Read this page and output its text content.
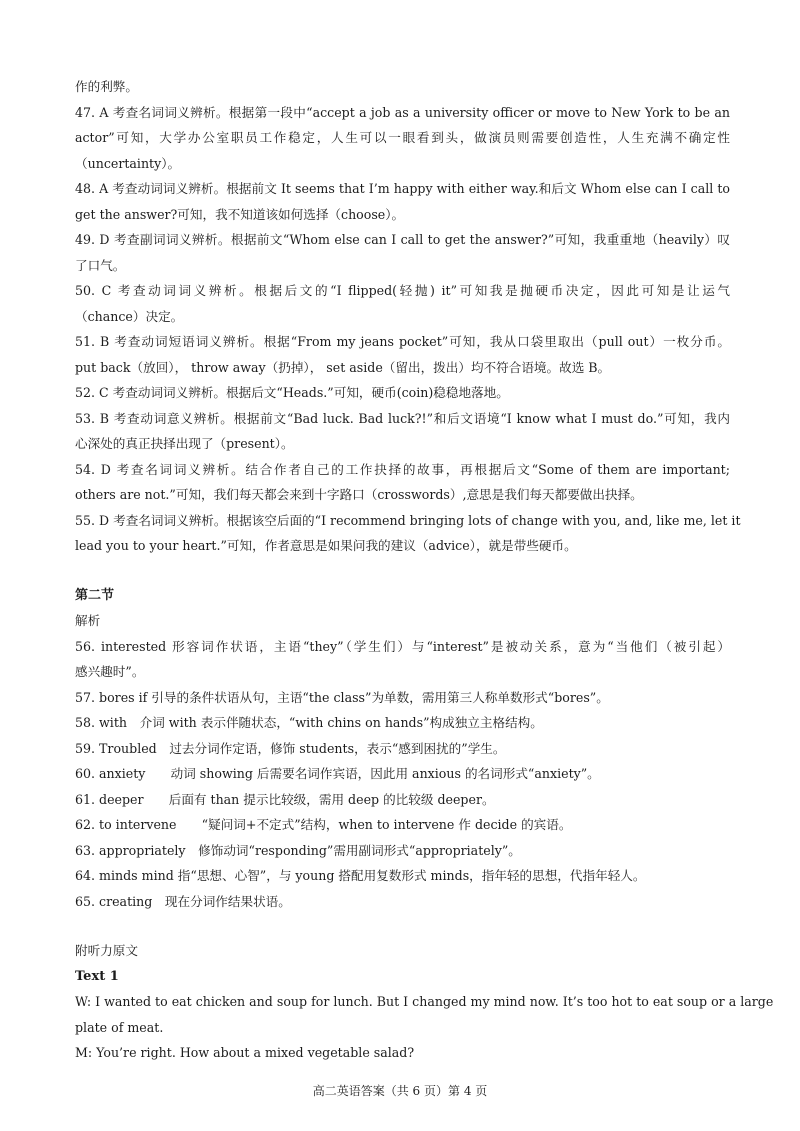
作的利弊。
47. A 考查名词词义辨析。根据第一段中“accept a job as a university officer or move to New York to be an
actor”可知，大学办公室职员工作稳定，人生可以一眼看到头，做演员则需要创造性，人生充满不确定性
（uncertainty）。
48. A 考查动词词义辨析。根据前文 It seems that I’m happy with either way.和后文 Whom else can I call to
get the answer?可知，我不知道该如何选择（choose）。
49. D 考查副词词义辨析。根据前文“Whom else can I call to get the answer?”可知，我重重地（heavily）叹
了口气。
50. C 考查动词词义辨析。根据后文的“I flipped(轻抛) it”可知我是抛硬币决定，因此可知是让运气
（chance）决定。
51. B 考查动词短语词义辨析。根据“From my jeans pocket”可知，我从口袋里取出（pull out）一枚分币。
put back（放回）， throw away（扔掉）， set aside（留出，拨出）均不符合语境。故选 B。
52. C 考查动词词义辨析。根据后文“Heads.”可知，硬币(coin)稳稳地落地。
53. B 考查动词意义辨析。根据前文“Bad luck. Bad luck?!”和后文语境“I know what I must do.”可知，我内
心深处的真正抉择出现了（present）。
54. D 考查名词词义辨析。结合作者自己的工作抉择的故事，再根据后文“Some of them are important;
others are not.”可知，我们每天都会来到十字路口（crosswords）,意思是我们每天都要做出抉择。
55. D 考查名词词义辨析。根据该空后面的“I recommend bringing lots of change with you, and, like me, let it
lead you to your heart.”可知，作者意思是如果问我的建议（advice），就是带些硬币。
第二节
解析
56. interested 形容词作状语，主语“they”（学生们）与“interest”是被动关系，意为“当他们（被引起）
感兴趣时”。
57. bores if 引导的条件状语从句，主语“the class”为单数，需用第三人称单数形式“bores”。
58. with　介词 with 表示伴随状态，“with chins on hands”构成独立主格结构。
59. Troubled　过去分词作定语，修饰 students，表示“感到困扰的”学生。
60. anxiety　　动词 showing 后需要名词作宾语，因此用 anxious 的名词形式“anxiety”。
61. deeper　　后面有 than 提示比较级，需用 deep 的比较级 deeper。
62. to intervene　　“疑问词+不定式”结构，when to intervene 作 decide 的宾语。
63. appropriately　修饰动词“responding”需用副词形式“appropriately”。
64. minds mind 指“思想、心智”，与 young 搭配用复数形式 minds，指年轻的思想，代指年轻人。
65. creating　现在分词作结果状语。
附听力原文
Text 1
W: I wanted to eat chicken and soup for lunch. But I changed my mind now. It’s too hot to eat soup or a large
plate of meat.
M: You’re right. How about a mixed vegetable salad?
高二英语答案（共 6 页）第 4 页
